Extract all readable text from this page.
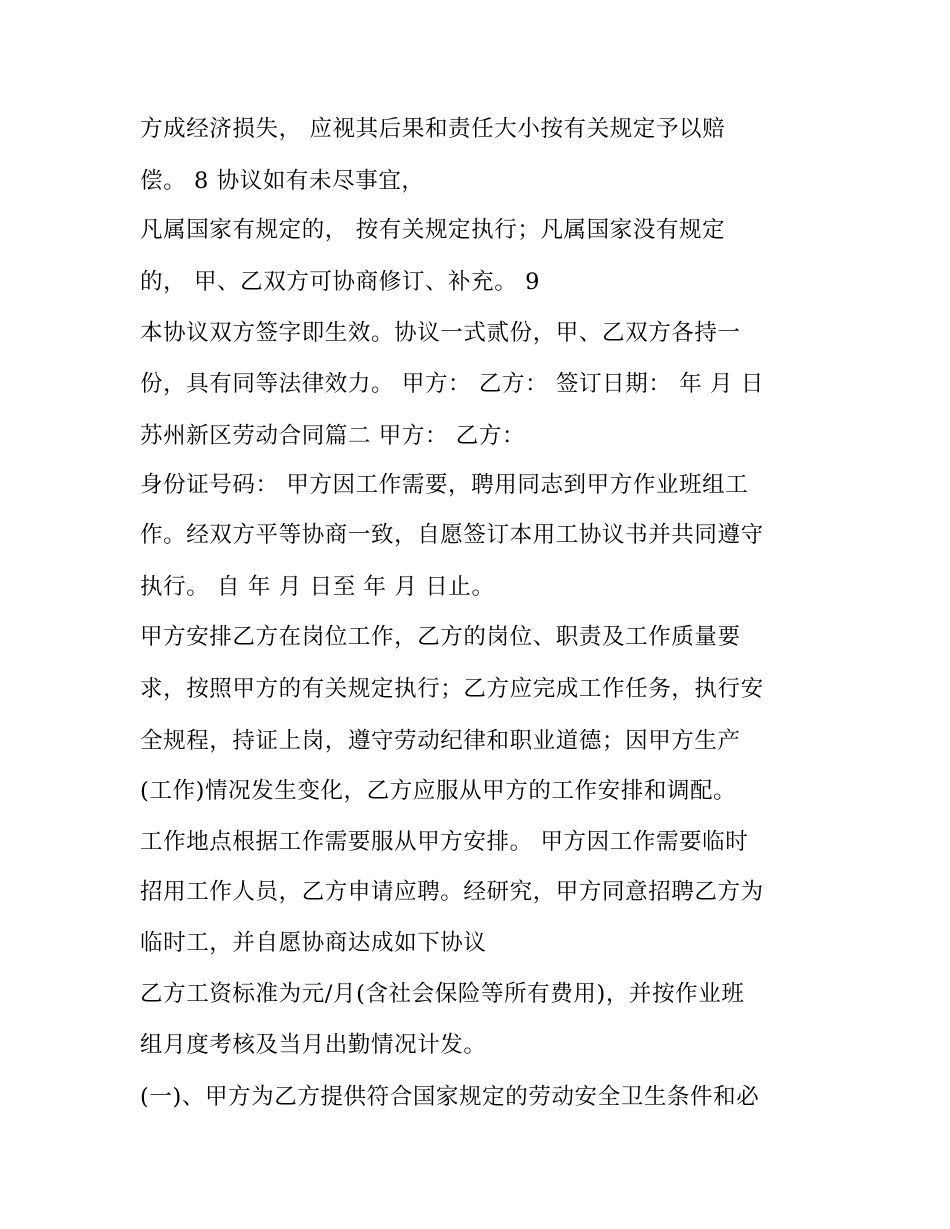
方成经济损失， 应视其后果和责任大小按有关规定予以赔
偿。 8 协议如有未尽事宜，
凡属国家有规定的， 按有关规定执行；凡属国家没有规定
的， 甲、乙双方可协商修订、补充。 9
本协议双方签字即生效。协议一式贰份，甲、乙双方各持一
份，具有同等法律效力。 甲方： 乙方： 签订日期： 年 月 日
苏州新区劳动合同篇二 甲方： 乙方：
身份证号码： 甲方因工作需要，聘用同志到甲方作业班组工
作。经双方平等协商一致，自愿签订本用工协议书并共同遵守
执行。 自 年 月 日至 年 月 日止。
甲方安排乙方在岗位工作，乙方的岗位、职责及工作质量要
求，按照甲方的有关规定执行；乙方应完成工作任务，执行安
全规程，持证上岗，遵守劳动纪律和职业道德；因甲方生产
(工作)情况发生变化，乙方应服从甲方的工作安排和调配。
工作地点根据工作需要服从甲方安排。 甲方因工作需要临时
招用工作人员，乙方申请应聘。经研究，甲方同意招聘乙方为
临时工，并自愿协商达成如下协议
乙方工资标准为元/月(含社会保险等所有费用)，并按作业班
组月度考核及当月出勤情况计发。
(一)、甲方为乙方提供符合国家规定的劳动安全卫生条件和必
